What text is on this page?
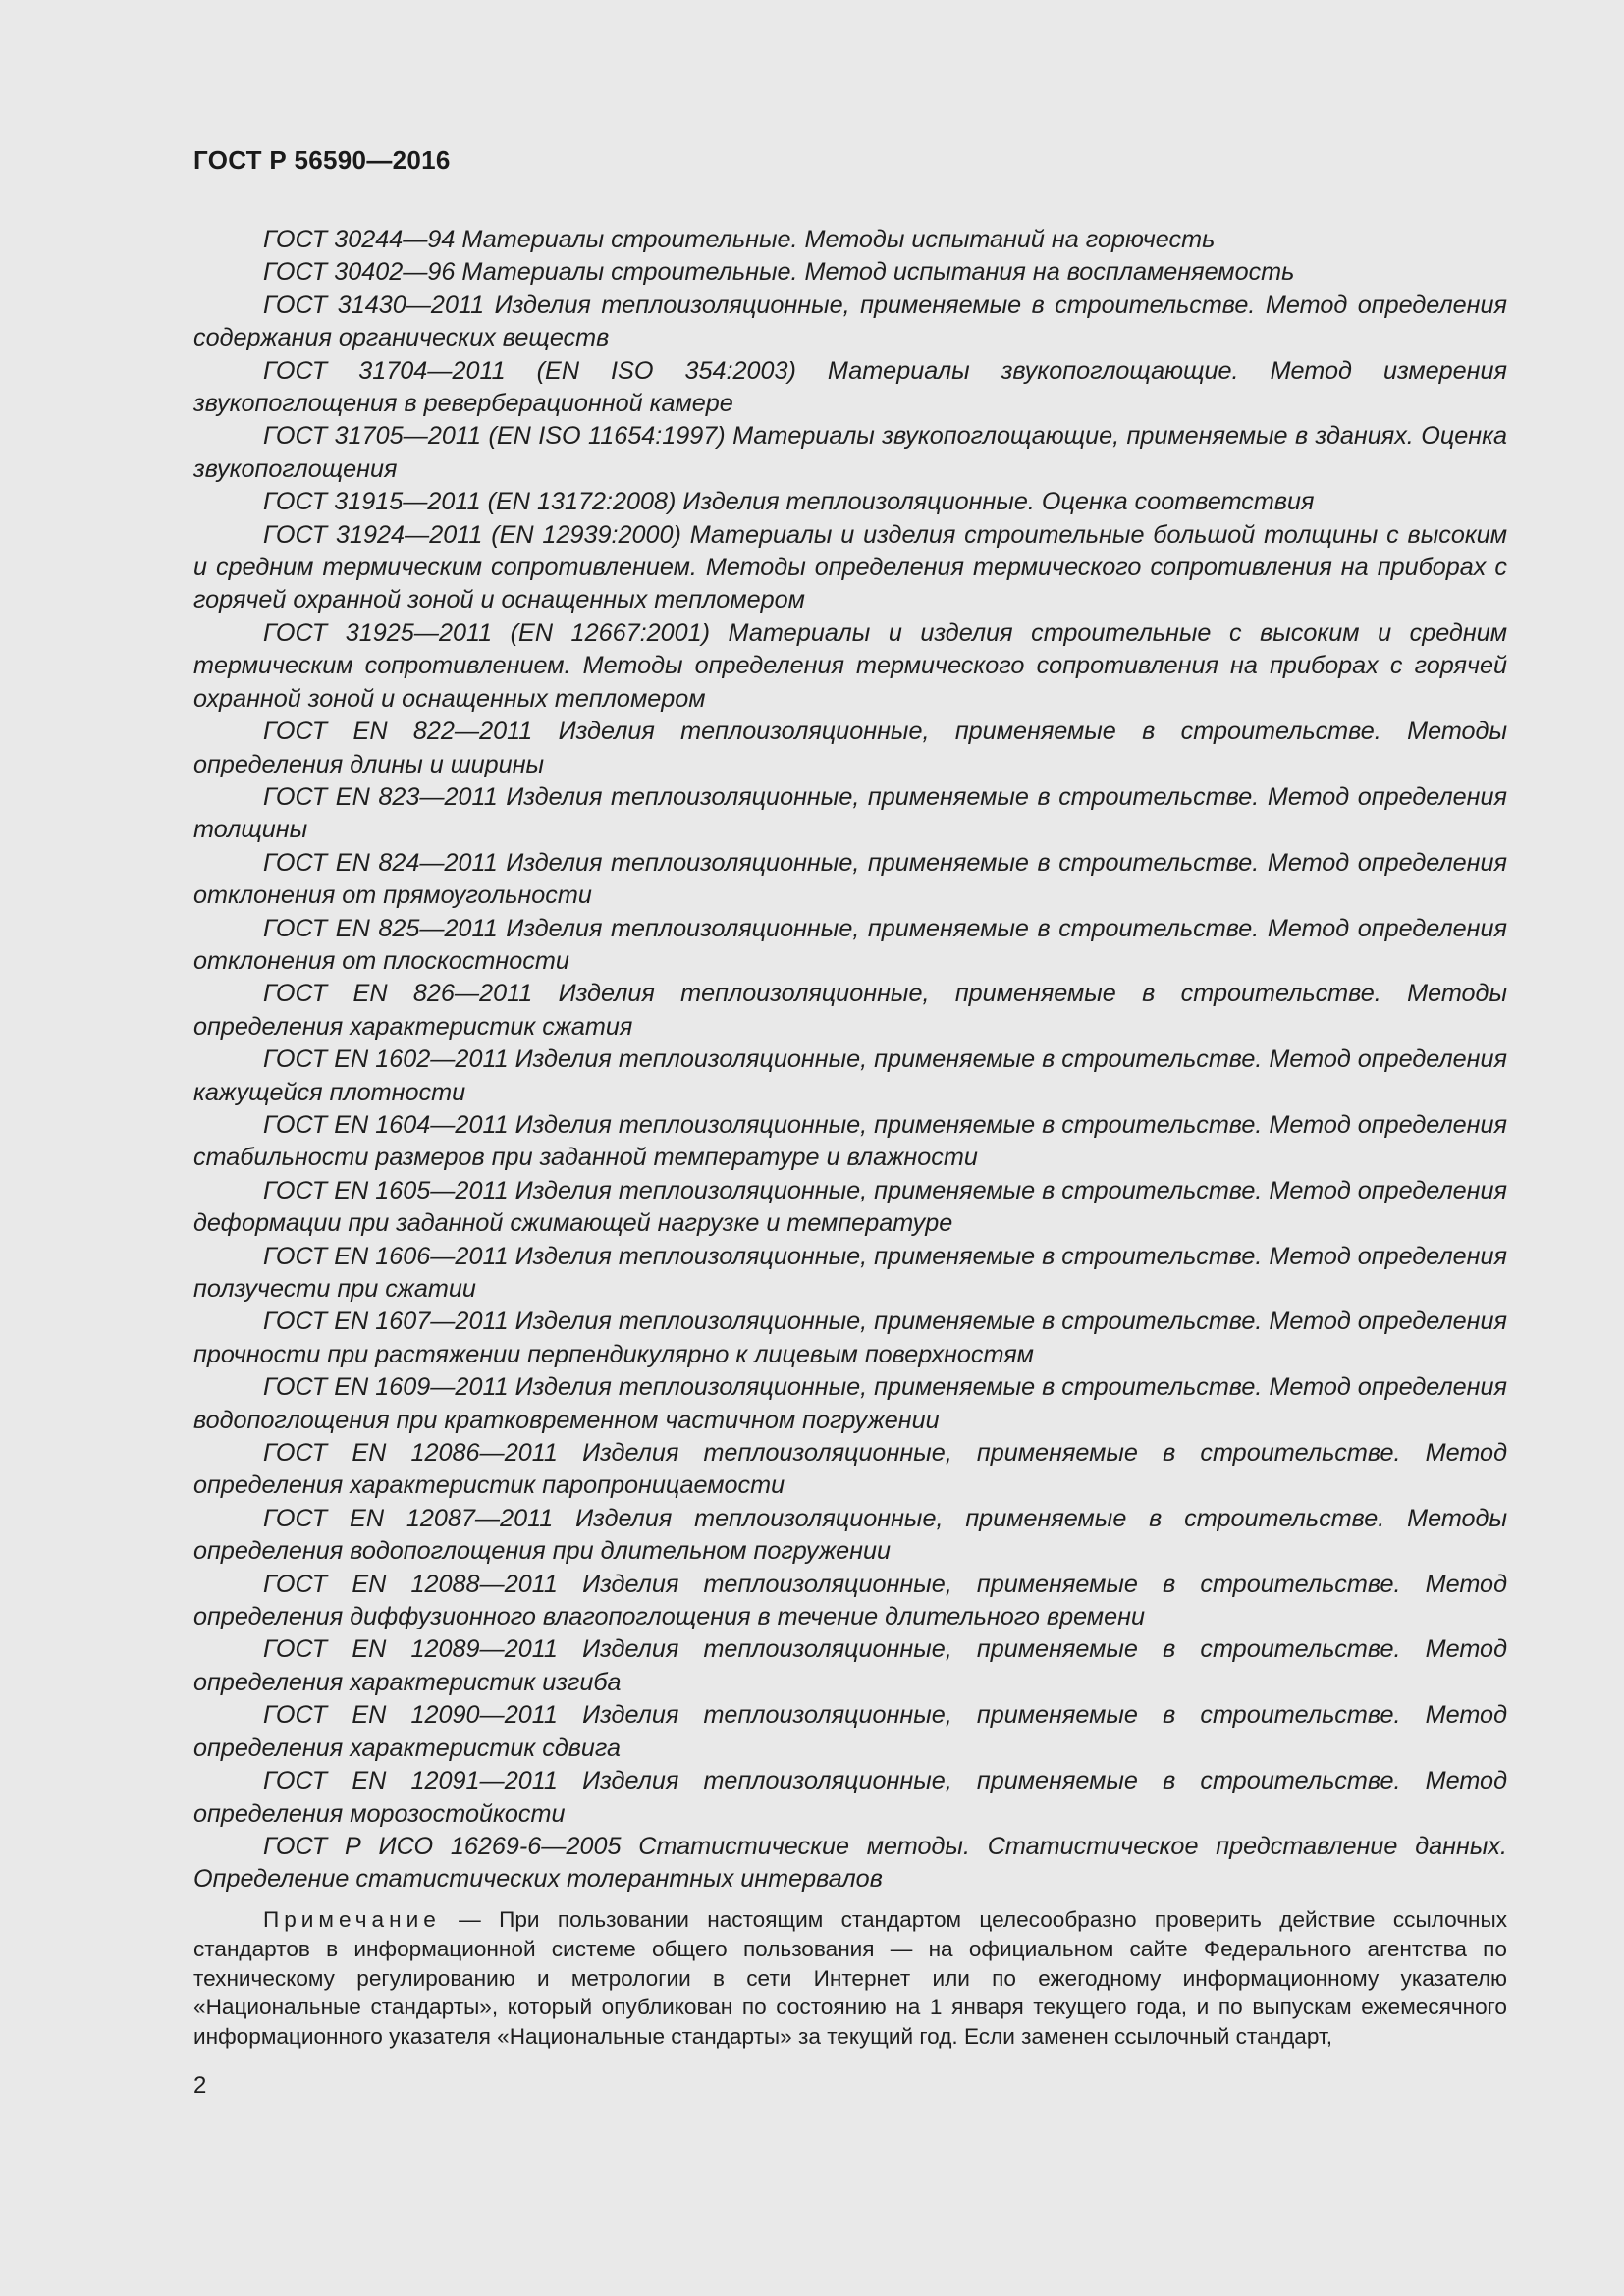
ГОСТ Р 56590—2016

ГОСТ 30244—94 Материалы строительные. Методы испытаний на горючесть

ГОСТ 30402—96 Материалы строительные. Метод испытания на воспламеняемость

ГОСТ 31430—2011 Изделия теплоизоляционные, применяемые в строительстве. Метод определения содержания органических веществ

ГОСТ 31704—2011 (EN ISO 354:2003) Материалы звукопоглощающие. Метод измерения звукопоглощения в реверберационной камере

ГОСТ 31705—2011 (EN ISO 11654:1997) Материалы звукопоглощающие, применяемые в зданиях. Оценка звукопоглощения

ГОСТ 31915—2011 (EN 13172:2008) Изделия теплоизоляционные. Оценка соответствия

ГОСТ 31924—2011 (EN 12939:2000) Материалы и изделия строительные большой толщины с высоким и средним термическим сопротивлением. Методы определения термического сопротивления на приборах с горячей охранной зоной и оснащенных тепломером

ГОСТ 31925—2011 (EN 12667:2001) Материалы и изделия строительные с высоким и средним термическим сопротивлением. Методы определения термического сопротивления на приборах с горячей охранной зоной и оснащенных тепломером

ГОСТ EN 822—2011 Изделия теплоизоляционные, применяемые в строительстве. Методы определения длины и ширины

ГОСТ EN 823—2011 Изделия теплоизоляционные, применяемые в строительстве. Метод определения толщины

ГОСТ EN 824—2011 Изделия теплоизоляционные, применяемые в строительстве. Метод определения отклонения от прямоугольности

ГОСТ EN 825—2011 Изделия теплоизоляционные, применяемые в строительстве. Метод определения отклонения от плоскостности

ГОСТ EN 826—2011 Изделия теплоизоляционные, применяемые в строительстве. Методы определения характеристик сжатия

ГОСТ EN 1602—2011 Изделия теплоизоляционные, применяемые в строительстве. Метод определения кажущейся плотности

ГОСТ EN 1604—2011 Изделия теплоизоляционные, применяемые в строительстве. Метод определения стабильности размеров при заданной температуре и влажности

ГОСТ EN 1605—2011 Изделия теплоизоляционные, применяемые в строительстве. Метод определения деформации при заданной сжимающей нагрузке и температуре

ГОСТ EN 1606—2011 Изделия теплоизоляционные, применяемые в строительстве. Метод определения ползучести при сжатии

ГОСТ EN 1607—2011 Изделия теплоизоляционные, применяемые в строительстве. Метод определения прочности при растяжении перпендикулярно к лицевым поверхностям

ГОСТ EN 1609—2011 Изделия теплоизоляционные, применяемые в строительстве. Метод определения водопоглощения при кратковременном частичном погружении

ГОСТ EN 12086—2011 Изделия теплоизоляционные, применяемые в строительстве. Метод определения характеристик паропроницаемости

ГОСТ EN 12087—2011 Изделия теплоизоляционные, применяемые в строительстве. Методы определения водопоглощения при длительном погружении

ГОСТ EN 12088—2011 Изделия теплоизоляционные, применяемые в строительстве. Метод определения диффузионного влагопоглощения в течение длительного времени

ГОСТ EN 12089—2011 Изделия теплоизоляционные, применяемые в строительстве. Метод определения характеристик изгиба

ГОСТ EN 12090—2011 Изделия теплоизоляционные, применяемые в строительстве. Метод определения характеристик сдвига

ГОСТ EN 12091—2011 Изделия теплоизоляционные, применяемые в строительстве. Метод определения морозостойкости

ГОСТ Р ИСО 16269-6—2005 Статистические методы. Статистическое представление данных. Определение статистических толерантных интервалов

Примечание — При пользовании настоящим стандартом целесообразно проверить действие ссылочных стандартов в информационной системе общего пользования — на официальном сайте Федерального агентства по техническому регулированию и метрологии в сети Интернет или по ежегодному информационному указателю «Национальные стандарты», который опубликован по состоянию на 1 января текущего года, и по выпускам ежемесячного информационного указателя «Национальные стандарты» за текущий год. Если заменен ссылочный стандарт,

2
